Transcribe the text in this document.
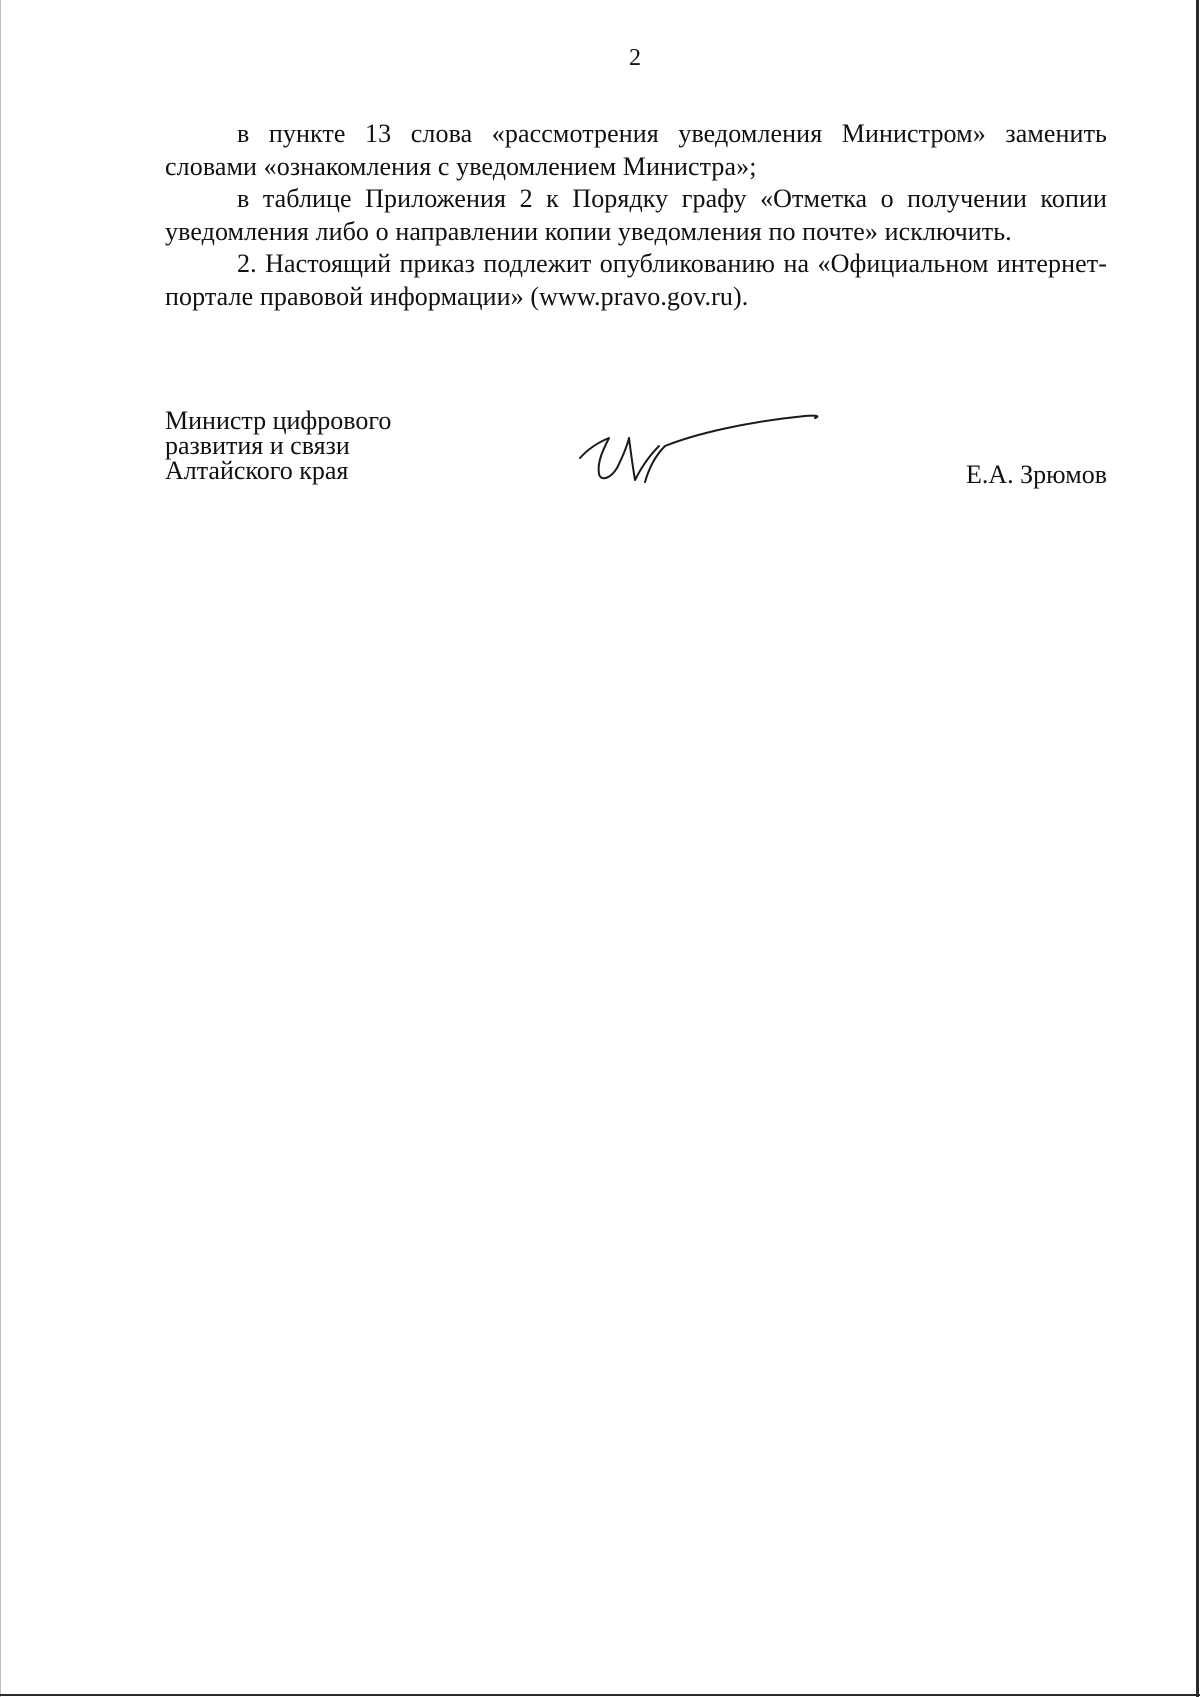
2

в пункте 13 слова «рассмотрения уведомления Министром» заменить словами «ознакомления с уведомлением Министра»;

в таблице Приложения 2 к Порядку графу «Отметка о получении копии уведомления либо о направлении копии уведомления по почте» исключить.

2. Настоящий приказ подлежит опубликованию на «Официальном интернет-портале правовой информации» (www.pravo.gov.ru).

Министр цифрового
развития и связи
Алтайского края	Е.А. Зрюмов
